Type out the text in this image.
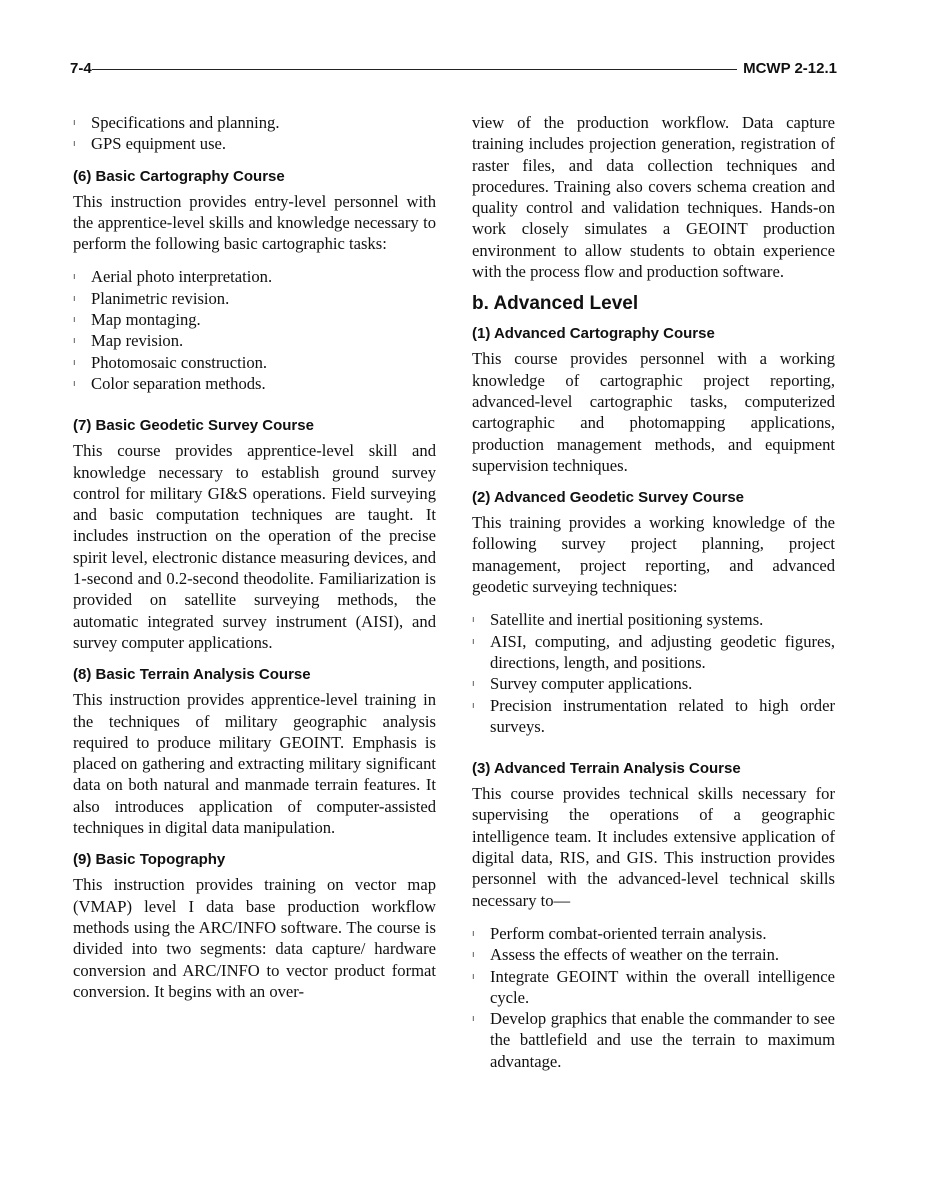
7-4	MCWP 2-12.1
ı Specifications and planning.
ı GPS equipment use.
(6) Basic Cartography Course

This instruction provides entry-level personnel with the apprentice-level skills and knowledge necessary to perform the following basic cartographic tasks:

ı Aerial photo interpretation.
ı Planimetric revision.
ı Map montaging.
ı Map revision.
ı Photomosaic construction.
ı Color separation methods.
(7) Basic Geodetic Survey Course

This course provides apprentice-level skill and knowledge necessary to establish ground survey control for military GI&S operations. Field surveying and basic computation techniques are taught. It includes instruction on the operation of the precise spirit level, electronic distance measuring devices, and 1-second and 0.2-second theodolite. Familiarization is provided on satellite surveying methods, the automatic integrated survey instrument (AISI), and survey computer applications.

(8) Basic Terrain Analysis Course

This instruction provides apprentice-level training in the techniques of military geographic analysis required to produce military GEOINT. Emphasis is placed on gathering and extracting military significant data on both natural and manmade terrain features. It also introduces application of computer-assisted techniques in digital data manipulation.

(9) Basic Topography

This instruction provides training on vector map (VMAP) level I data base production workflow methods using the ARC/INFO software. The course is divided into two segments: data capture/ hardware conversion and ARC/INFO to vector product format conversion. It begins with an over-

view of the production workflow. Data capture training includes projection generation, registration of raster files, and data collection techniques and procedures. Training also covers schema creation and quality control and validation techniques. Hands-on work closely simulates a GEOINT production environment to allow students to obtain experience with the process flow and production software.

b. Advanced Level
(1) Advanced Cartography Course

This course provides personnel with a working knowledge of cartographic project reporting, advanced-level cartographic tasks, computerized cartographic and photomapping applications, production management methods, and equipment supervision techniques.

(2) Advanced Geodetic Survey Course

This training provides a working knowledge of the following survey project planning, project management, project reporting, and advanced geodetic surveying techniques:

ı Satellite and inertial positioning systems.
ı AISI, computing, and adjusting geodetic figures, directions, length, and positions.
ı Survey computer applications.
ı Precision instrumentation related to high order surveys.
(3) Advanced Terrain Analysis Course

This course provides technical skills necessary for supervising the operations of a geographic intelligence team. It includes extensive application of digital data, RIS, and GIS. This instruction provides personnel with the advanced-level technical skills necessary to—

ı Perform combat-oriented terrain analysis.
ı Assess the effects of weather on the terrain.
ı Integrate GEOINT within the overall intelligence cycle.
ı Develop graphics that enable the commander to see the battlefield and use the terrain to maximum advantage.
